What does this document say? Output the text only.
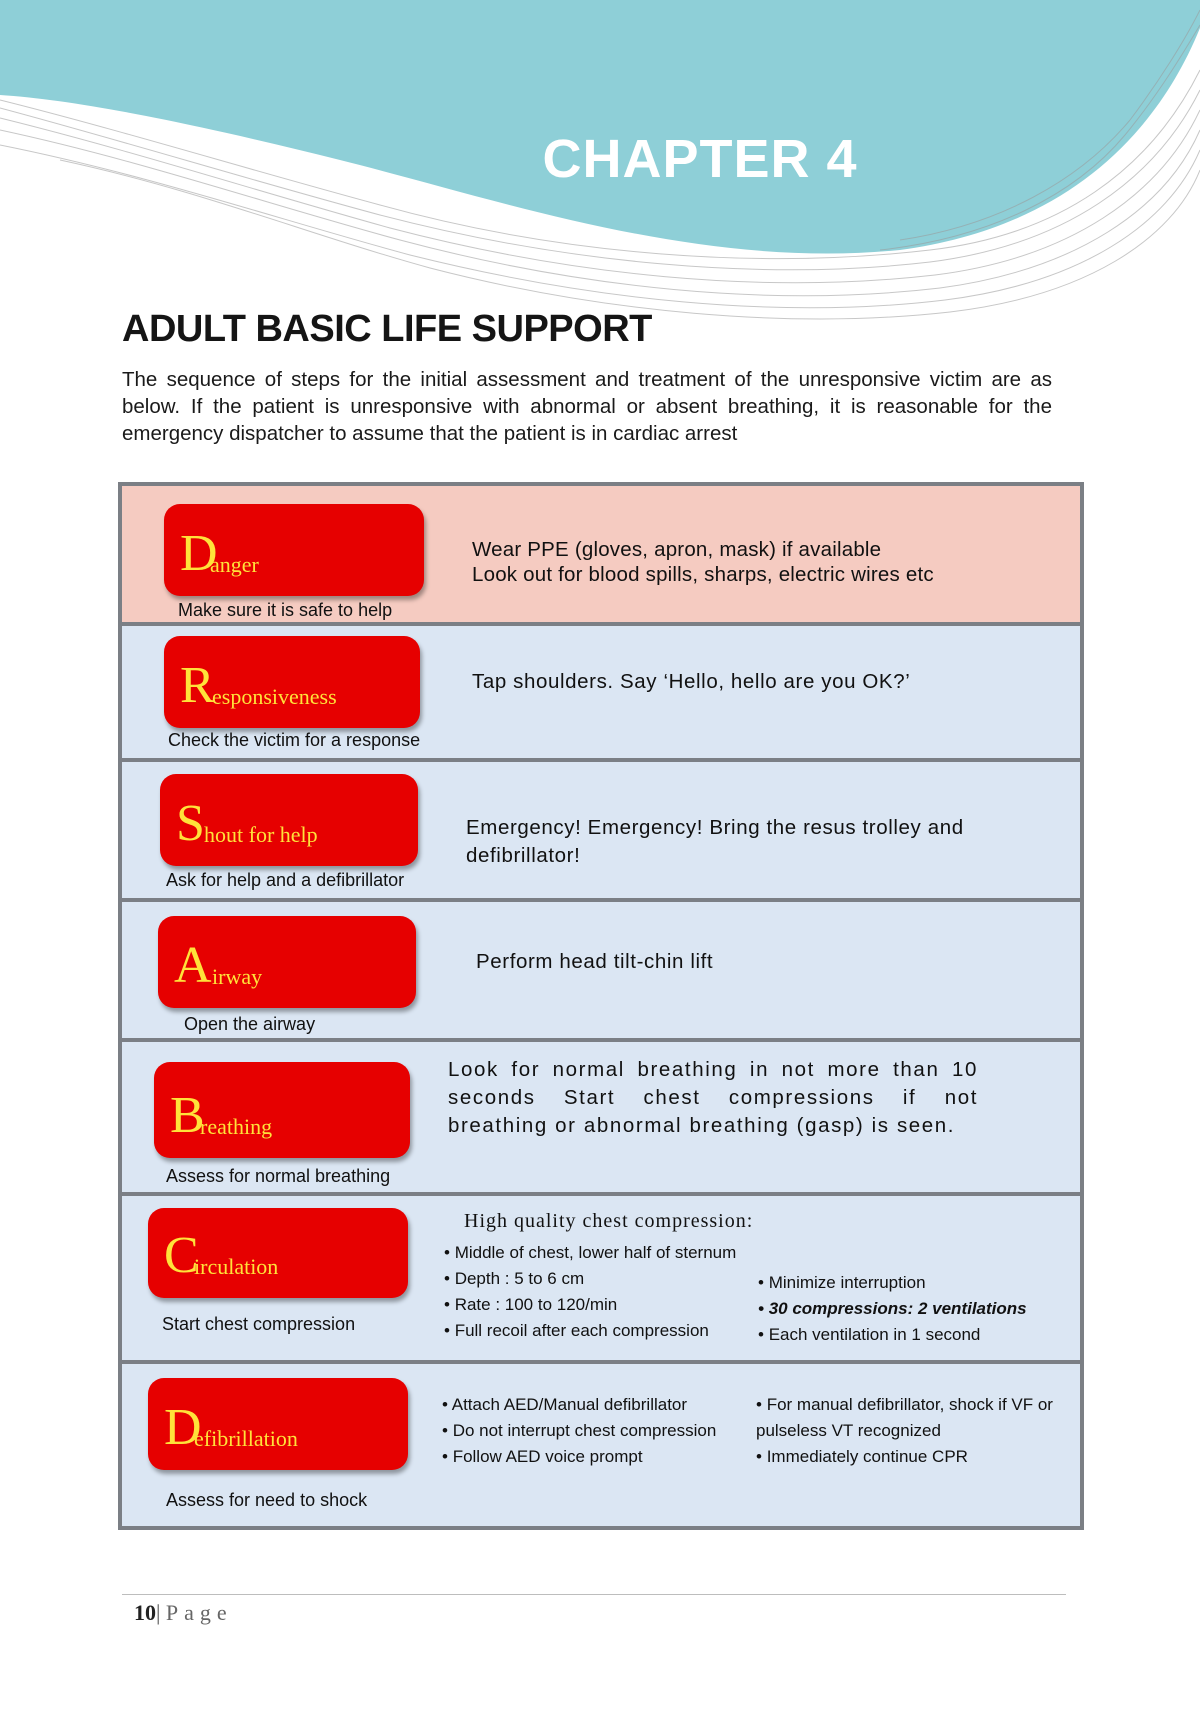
CHAPTER 4
ADULT BASIC LIFE SUPPORT

The sequence of steps for the initial assessment and treatment of the unresponsive victim are as below. If the patient is unresponsive with abnormal or absent breathing, it is reasonable for the emergency dispatcher to assume that the patient is in cardiac arrest

D
anger
Make sure it is safe to help
Wear PPE (gloves, apron, mask) if available
Look out for blood spills, sharps, electric wires etc
R
esponsiveness
Check the victim for a response
Tap shoulders. Say ‘Hello, hello are you OK?’
S hout for help
Ask for help and a defibrillator
Emergency! Emergency! Bring the resus trolley and defibrillator!
A irway
Open the airway
Perform head tilt-chin lift
B
reathing
Assess for normal breathing
Look for normal breathing in not more than 10 seconds Start chest compressions if not breathing or abnormal breathing (gasp) is seen.
C
irculation
Start chest compression
High quality chest compression:
• Middle of chest, lower half of sternum
• Depth : 5 to 6 cm
• Rate : 100 to 120/min
• Full recoil after each compression
• Minimize interruption
• 30 compressions: 2 ventilations
• Each ventilation in 1 second
D
efibrillation
Assess for need to shock
• Attach AED/Manual defibrillator
• Do not interrupt chest compression
• Follow AED voice prompt
• For manual defibrillator, shock if VF or pulseless VT recognized
• Immediately continue CPR
10| Page
